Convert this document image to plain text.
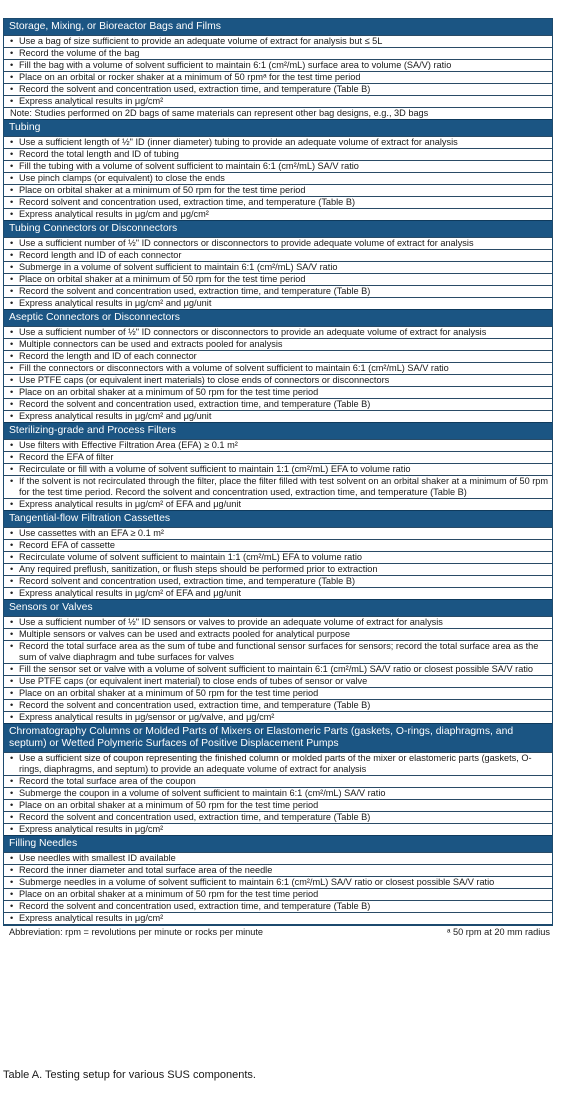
Storage, Mixing, or Bioreactor Bags and Films
• Use a bag of size sufficient to provide an adequate volume of extract for analysis but ≤ 5L
• Record the volume of the bag
• Fill the bag with a volume of solvent sufficient to maintain 6:1 (cm²/mL) surface area to volume (SA/V) ratio
• Place on an orbital or rocker shaker at a minimum of 50 rpmᵃ for the test time period
• Record the solvent and concentration used, extraction time, and temperature (Table B)
• Express analytical results in μg/cm²
Note: Studies performed on 2D bags of same materials can represent other bag designs, e.g., 3D bags
Tubing
• Use a sufficient length of ½" ID (inner diameter) tubing to provide an adequate volume of extract for analysis
• Record the total length and ID of tubing
• Fill the tubing with a volume of solvent sufficient to maintain 6:1 (cm²/mL) SA/V ratio
• Use pinch clamps (or equivalent) to close the ends
• Place on orbital shaker at a minimum of 50 rpm for the test time period
• Record solvent and concentration used, extraction time, and temperature (Table B)
• Express analytical results in μg/cm and μg/cm²
Tubing Connectors or Disconnectors
• Use a sufficient number of ½" ID connectors or disconnectors to provide adequate volume of extract for analysis
• Record length and ID of each connector
• Submerge in a volume of solvent sufficient to maintain 6:1 (cm²/mL) SA/V ratio
• Place on orbital shaker at a minimum of 50 rpm for the test time period
• Record the solvent and concentration used, extraction time, and temperature (Table B)
• Express analytical results in μg/cm² and μg/unit
Aseptic Connectors or Disconnectors
• Use a sufficient number of ½" ID connectors or disconnectors to provide an adequate volume of extract for analysis
• Multiple connectors can be used and extracts pooled for analysis
• Record the length and ID of each connector
• Fill the connectors or disconnectors with a volume of solvent sufficient to maintain 6:1 (cm²/mL) SA/V ratio
• Use PTFE caps (or equivalent inert materials) to close ends of connectors or disconnectors
• Place on an orbital shaker at a minimum of 50 rpm for the test time period
• Record the solvent and concentration used, extraction time, and temperature (Table B)
• Express analytical results in μg/cm² and μg/unit
Sterilizing-grade and Process Filters
• Use filters with Effective Filtration Area (EFA) ≥ 0.1 m²
• Record the EFA of filter
• Recirculate or fill with a volume of solvent sufficient to maintain 1:1 (cm²/mL) EFA to volume ratio
• If the solvent is not recirculated through the filter, place the filter filled with test solvent on an orbital shaker at a minimum of 50 rpm for the test time period. Record the solvent and concentration used, extraction time, and temperature (Table B)
• Express analytical results in μg/cm² of EFA and μg/unit
Tangential-flow Filtration Cassettes
• Use cassettes with an EFA ≥ 0.1 m²
• Record EFA of cassette
• Recirculate volume of solvent sufficient to maintain 1:1 (cm²/mL) EFA to volume ratio
• Any required preflush, sanitization, or flush steps should be performed prior to extraction
• Record solvent and concentration used, extraction time, and temperature (Table B)
• Express analytical results in μg/cm² of EFA and μg/unit
Sensors or Valves
• Use a sufficient number of ½" ID sensors or valves to provide an adequate volume of extract for analysis
• Multiple sensors or valves can be used and extracts pooled for analytical purpose
• Record the total surface area as the sum of tube and functional sensor surfaces for sensors; record the total surface area as the sum of valve diaphragm and tube surfaces for valves
• Fill the sensor set or valve with a volume of solvent sufficient to maintain 6:1 (cm²/mL) SA/V ratio or closest possible SA/V ratio
• Use PTFE caps (or equivalent inert material) to close ends of tubes of sensor or valve
• Place on an orbital shaker at a minimum of 50 rpm for the test time period
• Record the solvent and concentration used, extraction time, and temperature (Table B)
• Express analytical results in μg/sensor or μg/valve, and μg/cm²
Chromatography Columns or Molded Parts of Mixers or Elastomeric Parts (gaskets, O-rings, diaphragms, and septum) or Wetted Polymeric Surfaces of Positive Displacement Pumps
• Use a sufficient size of coupon representing the finished column or molded parts of the mixer or elastomeric parts (gaskets, O-rings, diaphragms, and septum) to provide an adequate volume of extract for analysis
• Record the total surface area of the coupon
• Submerge the coupon in a volume of solvent sufficient to maintain 6:1 (cm²/mL) SA/V ratio
• Place on an orbital shaker at a minimum of 50 rpm for the test time period
• Record the solvent and concentration used, extraction time, and temperature (Table B)
• Express analytical results in μg/cm²
Filling Needles
• Use needles with smallest ID available
• Record the inner diameter and total surface area of the needle
• Submerge needles in a volume of solvent sufficient to maintain 6:1 (cm²/mL) SA/V ratio or closest possible SA/V ratio
• Place on an orbital shaker at a minimum of 50 rpm for the test time period
• Record the solvent and concentration used, extraction time, and temperature (Table B)
• Express analytical results in μg/cm²
Abbreviation: rpm = revolutions per minute or rocks per minute	ᵃ 50 rpm at 20 mm radius
Table A. Testing setup for various SUS components.
